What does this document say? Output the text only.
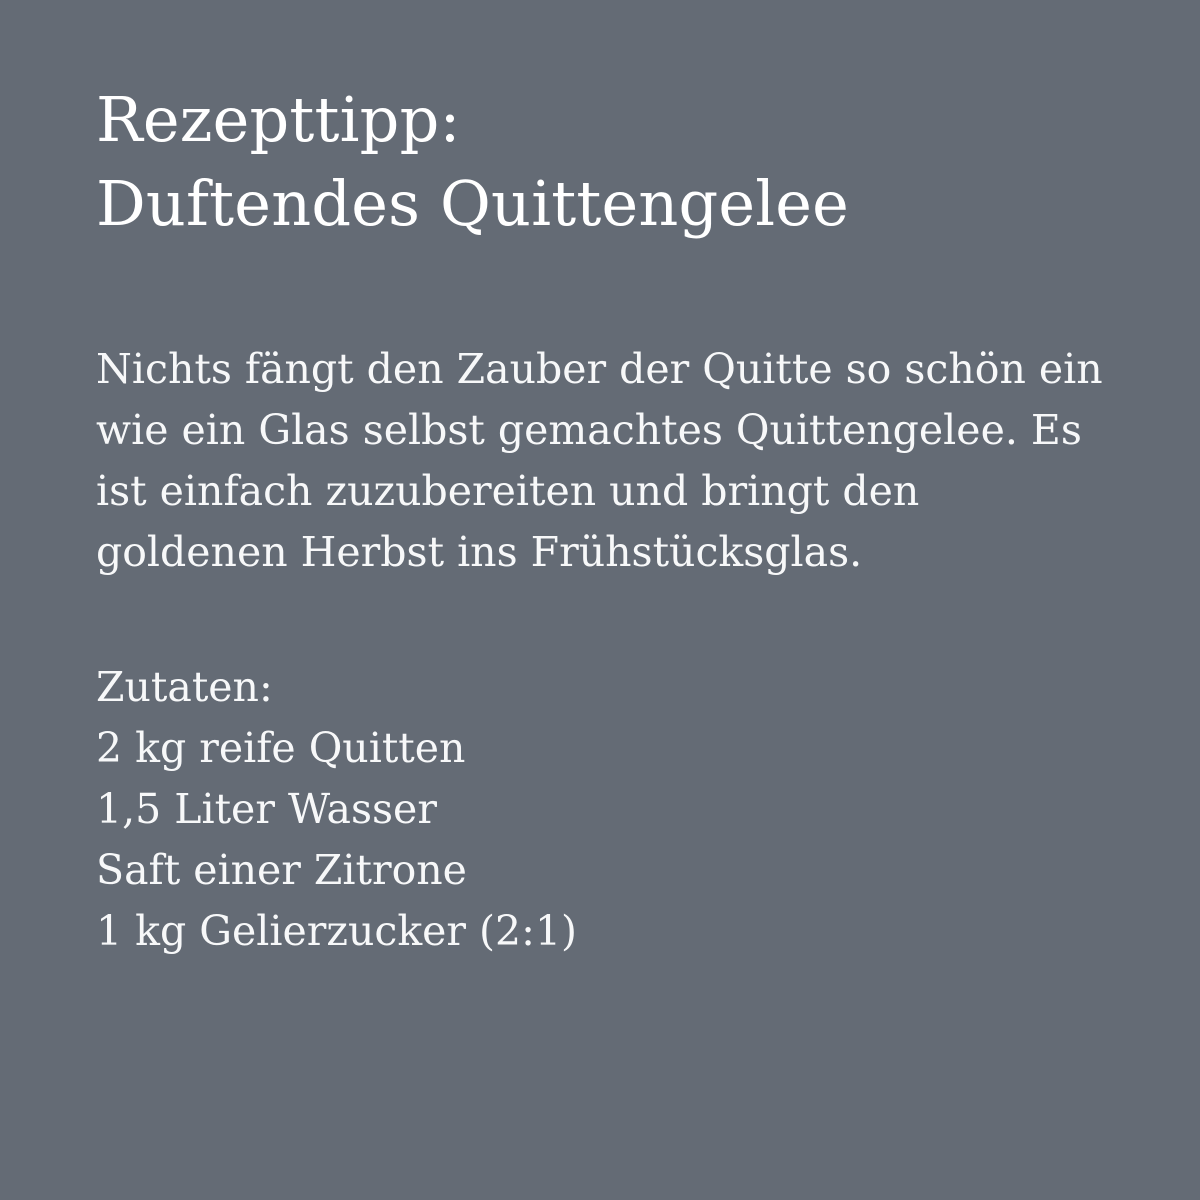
Rezepttipp:
Duftendes Quittengelee

Nichts fängt den Zauber der Quitte so schön ein wie ein Glas selbst gemachtes Quittengelee. Es ist einfach zuzubereiten und bringt den goldenen Herbst ins Frühstücksglas.

Zutaten:

2 kg reife Quitten
1,5 Liter Wasser
Saft einer Zitrone
1 kg Gelierzucker (2:1)
